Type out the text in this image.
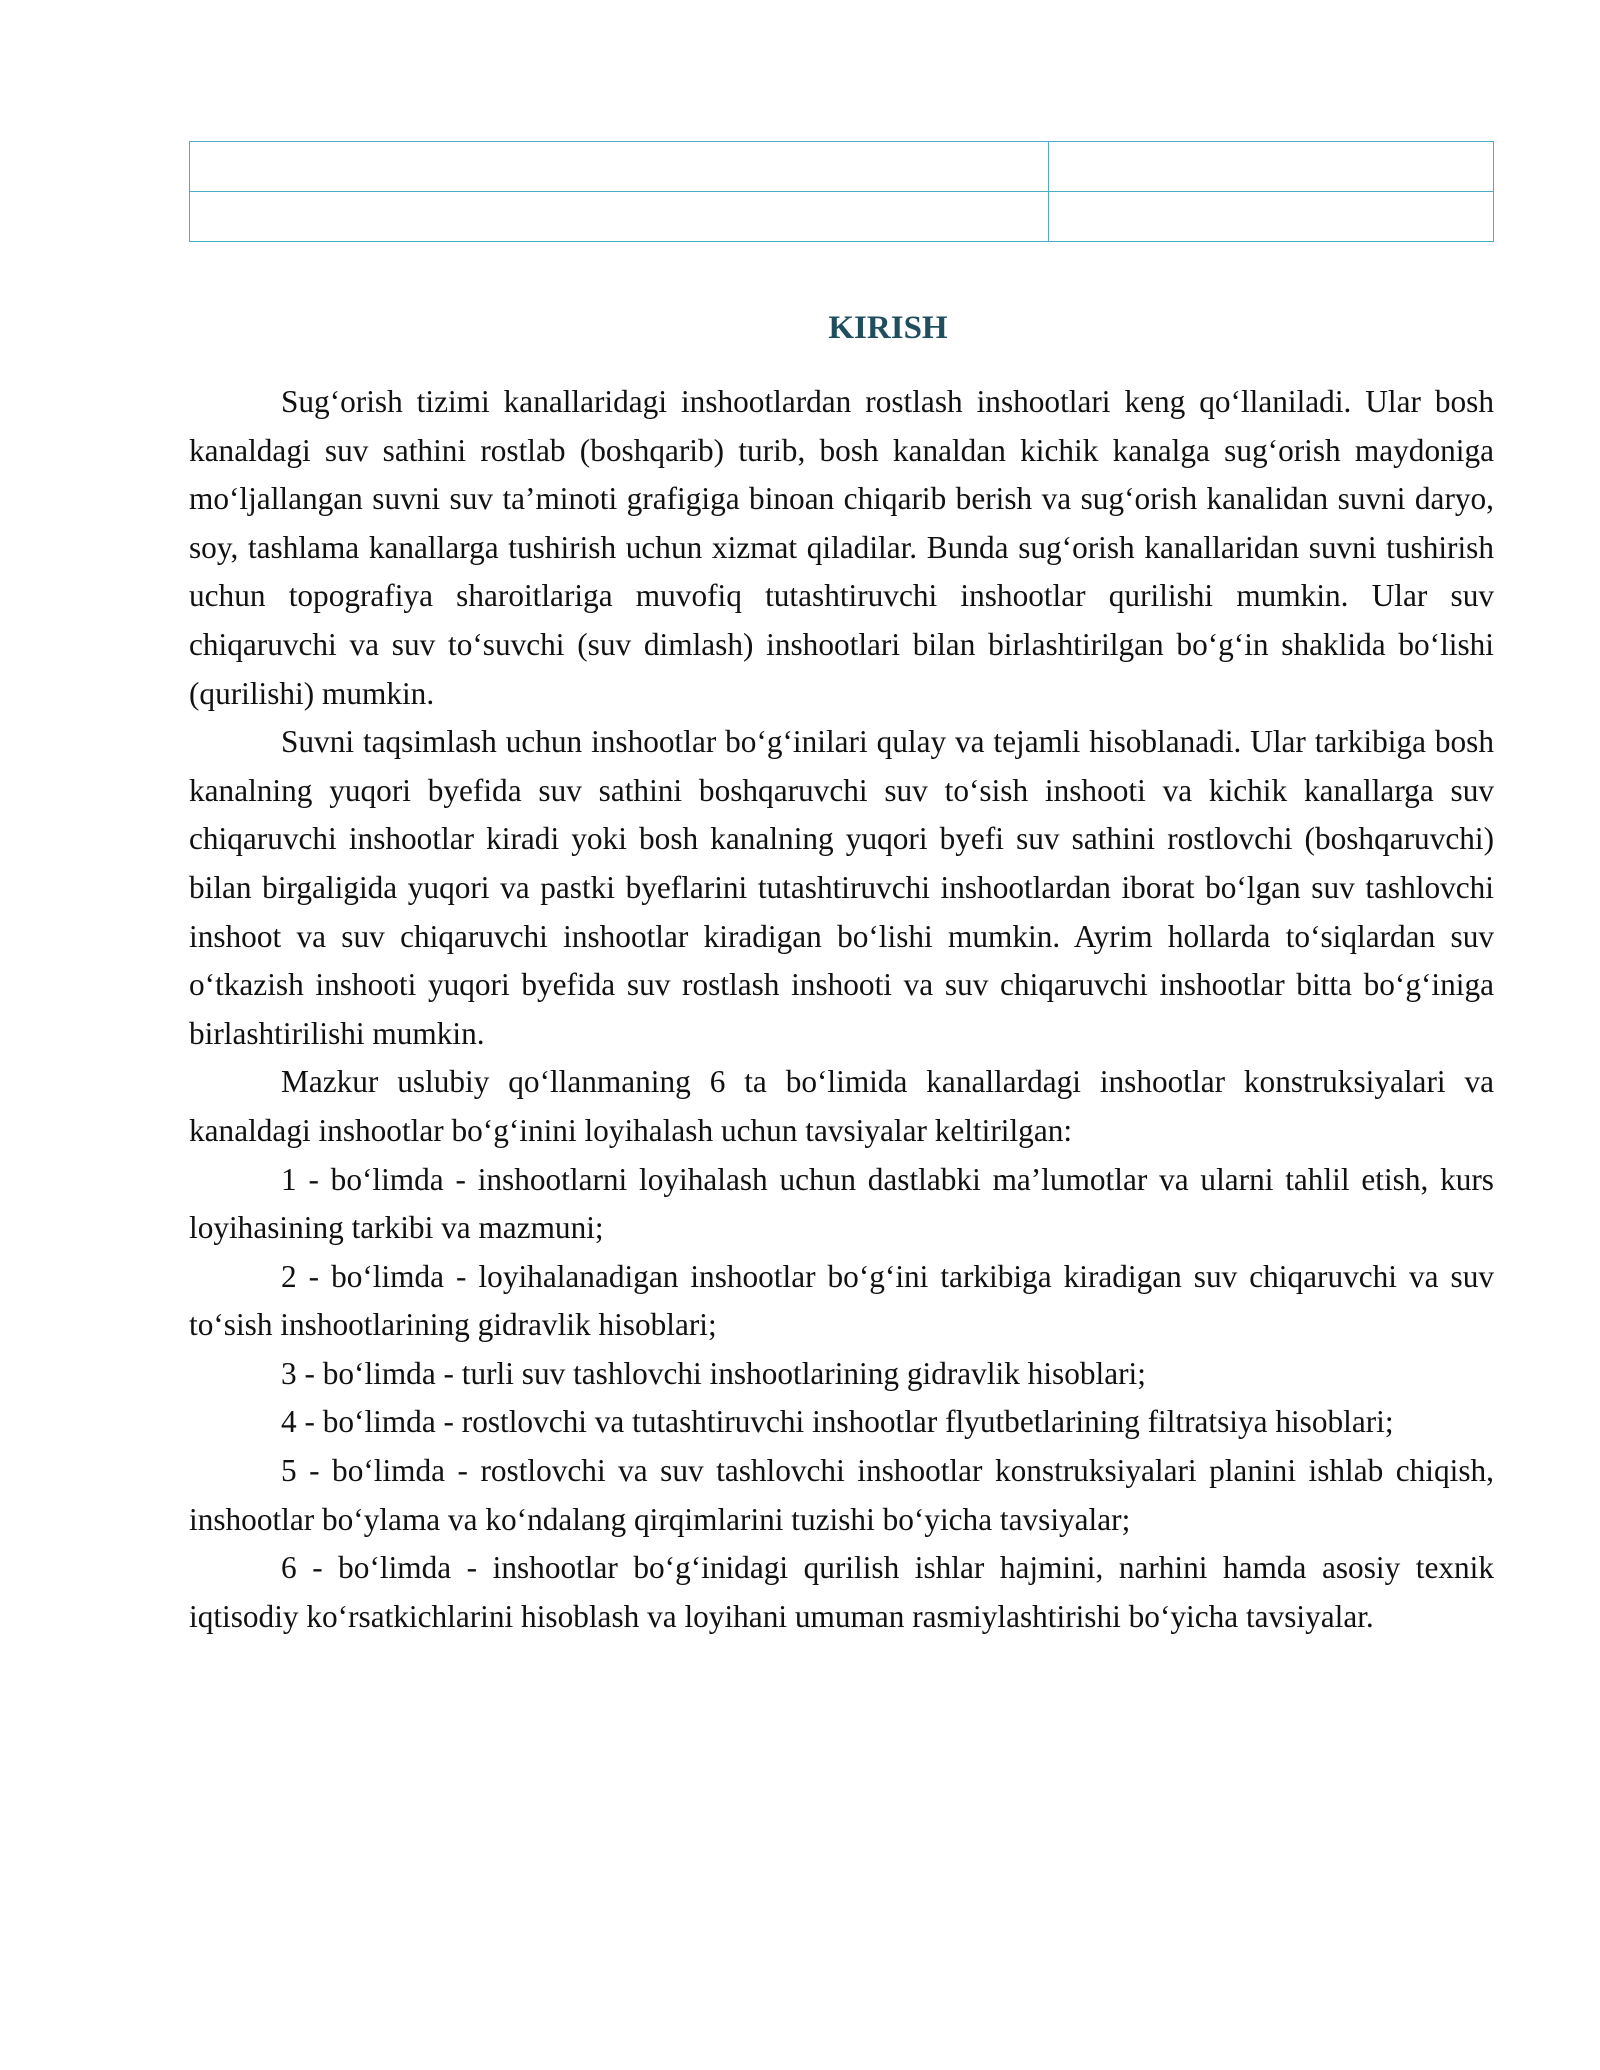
KIRISH

Sug‘orish tizimi kanallaridagi inshootlardan rostlash inshootlari keng qo‘llaniladi. Ular bosh kanaldagi suv sathini rostlab (boshqarib) turib, bosh kanaldan kichik kanalga sug‘orish maydoniga mo‘ljallangan suvni suv ta’minoti grafigiga binoan chiqarib berish va sug‘orish kanalidan suvni daryo, soy, tashlama kanallarga tushirish uchun xizmat qiladilar. Bunda sug‘orish kanallaridan suvni tushirish uchun topografiya sharoitlariga muvofiq tutashtiruvchi inshootlar qurilishi mumkin. Ular suv chiqaruvchi va suv to‘suvchi (suv dimlash) inshootlari bilan birlashtirilgan bo‘g‘in shaklida bo‘lishi (qurilishi) mumkin.

Suvni taqsimlash uchun inshootlar bo‘g‘inilari qulay va tejamli hisoblanadi. Ular tarkibiga bosh kanalning yuqori byefida suv sathini boshqaruvchi suv to‘sish inshooti va kichik kanallarga suv chiqaruvchi inshootlar kiradi yoki bosh kanalning yuqori byefi suv sathini rostlovchi (boshqaruvchi) bilan birgaligida yuqori va pastki byeflarini tutashtiruvchi inshootlardan iborat bo‘lgan suv tashlovchi inshoot va suv chiqaruvchi inshootlar kiradigan bo‘lishi mumkin. Ayrim hollarda to‘siqlardan suv o‘tkazish inshooti yuqori byefida suv rostlash inshooti va suv chiqaruvchi inshootlar bitta bo‘g‘iniga birlashtirilishi mumkin.

Mazkur uslubiy qo‘llanmaning 6 ta bo‘limida kanallardagi inshootlar konstruksiyalari va kanaldagi inshootlar bo‘g‘inini loyihalash uchun tavsiyalar keltirilgan:

1 - bo‘limda - inshootlarni loyihalash uchun dastlabki ma’lumotlar va ularni tahlil etish, kurs loyihasining tarkibi va mazmuni;

2 - bo‘limda - loyihalanadigan inshootlar bo‘g‘ini tarkibiga kiradigan suv chiqaruvchi va suv to‘sish inshootlarining gidravlik hisoblari;

3 - bo‘limda - turli suv tashlovchi inshootlarining gidravlik hisoblari;

4 - bo‘limda - rostlovchi va tutashtiruvchi inshootlar flyutbetlarining filtratsiya hisoblari;

5 - bo‘limda - rostlovchi va suv tashlovchi inshootlar konstruksiyalari planini ishlab chiqish, inshootlar bo‘ylama va ko‘ndalang qirqimlarini tuzishi bo‘yicha tavsiyalar;

6 - bo‘limda - inshootlar bo‘g‘inidagi qurilish ishlar hajmini, narhini hamda asosiy texnik iqtisodiy ko‘rsatkichlarini hisoblash va loyihani umuman rasmiylashtirishi bo‘yicha tavsiyalar.
